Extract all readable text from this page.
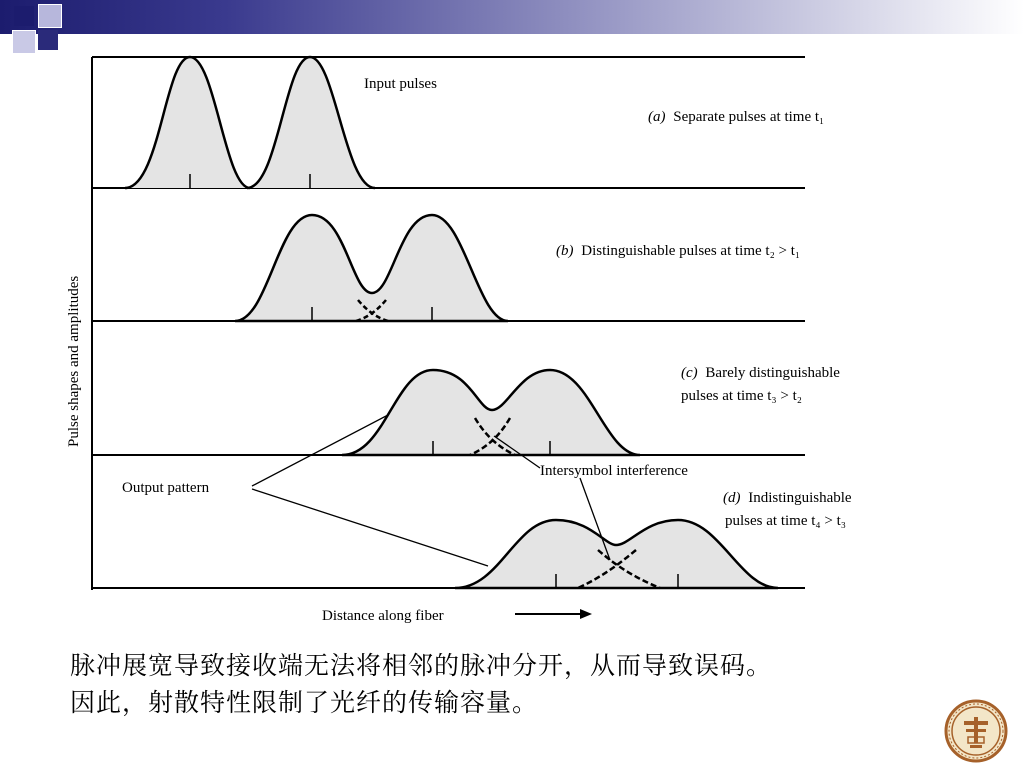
Input pulses
(a) Separate pulses at time t₁
(b) Distinguishable pulses at time t₂ > t₁
(c) Barely distinguishable
pulses at time t₃ > t₂
(d) Indistinguishable
pulses at time t₄ > t₃
Output pattern
Intersymbol interference
Distance along fiber
Pulse shapes and amplitudes
脉冲展宽导致接收端无法将相邻的脉冲分开，从而导致误码。
因此，射散特性限制了光纤的传输容量。
